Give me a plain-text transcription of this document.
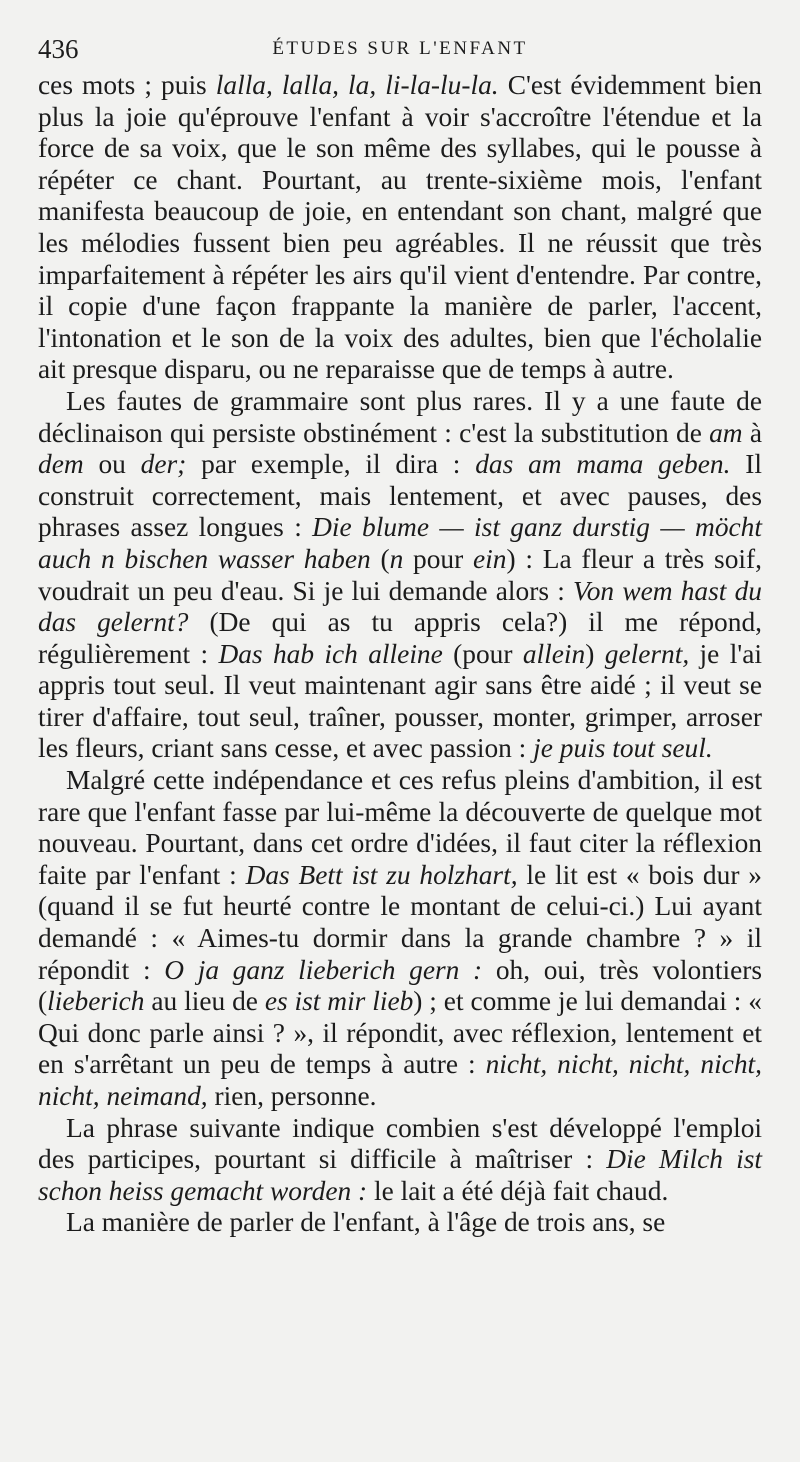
436	ÉTUDES SUR L'ENFANT

ces mots ; puis lalla, lalla, la, li-la-lu-la. C'est évidemment bien plus la joie qu'éprouve l'enfant à voir s'accroître l'étendue et la force de sa voix, que le son même des syllabes, qui le pousse à répéter ce chant. Pourtant, au trente-sixième mois, l'enfant manifesta beaucoup de joie, en entendant son chant, malgré que les mélodies fussent bien peu agréables. Il ne réussit que très imparfaitement à répéter les airs qu'il vient d'entendre. Par contre, il copie d'une façon frappante la manière de parler, l'accent, l'intonation et le son de la voix des adultes, bien que l'écholalie ait presque disparu, ou ne reparaisse que de temps à autre.

Les fautes de grammaire sont plus rares. Il y a une faute de déclinaison qui persiste obstinément : c'est la substitution de am à dem ou der; par exemple, il dira : das am mama geben. Il construit correctement, mais lentement, et avec pauses, des phrases assez longues : Die blume — ist ganz durstig — möcht auch n bischen wasser haben (n pour ein) : La fleur a très soif, voudrait un peu d'eau. Si je lui demande alors : Von wem hast du das gelernt? (De qui as tu appris cela?) il me répond, régulièrement : Das hab ich alleine (pour allein) gelernt, je l'ai appris tout seul. Il veut maintenant agir sans être aidé ; il veut se tirer d'affaire, tout seul, traîner, pousser, monter, grimper, arroser les fleurs, criant sans cesse, et avec passion : je puis tout seul.

Malgré cette indépendance et ces refus pleins d'ambition, il est rare que l'enfant fasse par lui-même la découverte de quelque mot nouveau. Pourtant, dans cet ordre d'idées, il faut citer la réflexion faite par l'enfant : Das Bett ist zu holzhart, le lit est « bois dur » (quand il se fut heurté contre le montant de celui-ci.) Lui ayant demandé : « Aimes-tu dormir dans la grande chambre ? » il répondit : O ja ganz lieberich gern : oh, oui, très volontiers (lieberich au lieu de es ist mir lieb) ; et comme je lui demandai : « Qui donc parle ainsi ? », il répondit, avec réflexion, lentement et en s'arrêtant un peu de temps à autre : nicht, nicht, nicht, nicht, nicht, neimand, rien, personne.

La phrase suivante indique combien s'est développé l'emploi des participes, pourtant si difficile à maîtriser : Die Milch ist schon heiss gemacht worden : le lait a été déjà fait chaud.

La manière de parler de l'enfant, à l'âge de trois ans, se
